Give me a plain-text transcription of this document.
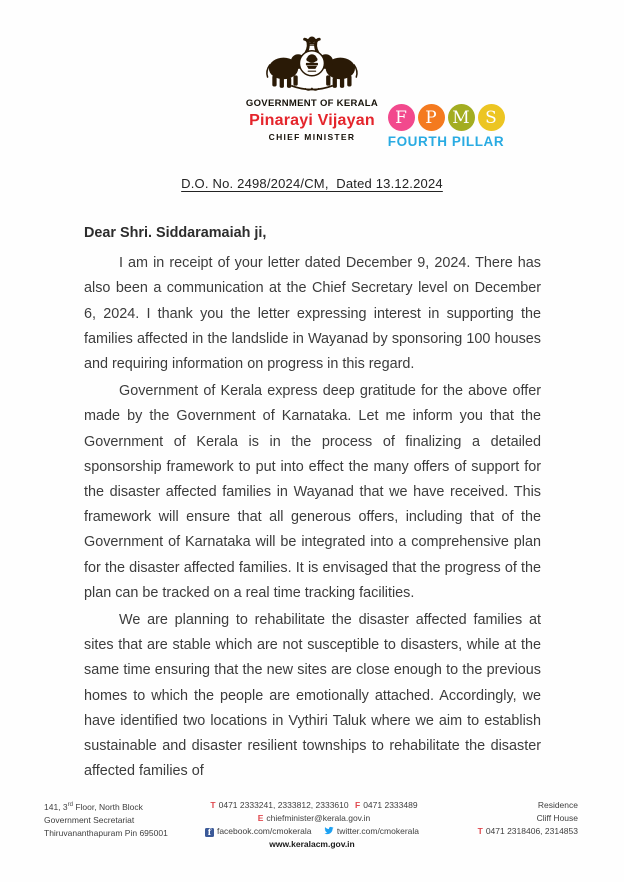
GOVERNMENT OF KERALA
Pinarayi Vijayan
CHIEF MINISTER
F	P M S
FOURTH PILLAR
D.O. No. 2498/2024/CM,  Dated 13.12.2024

Dear Shri. Siddaramaiah ji,

I am in receipt of your letter dated December 9, 2024. There has also been a communication at the Chief Secretary level on December 6, 2024. I thank you the letter expressing interest in supporting the families affected in the landslide in Wayanad by sponsoring 100 houses and requiring information on progress in this regard.

Government of Kerala express deep gratitude for the above offer made by the Government of Karnataka. Let me inform you that the Government of Kerala is in the process of finalizing a detailed sponsorship framework to put into effect the many offers of support for the disaster affected families in Wayanad that we have received. This framework will ensure that all generous offers, including that of the Government of Karnataka will be integrated into a comprehensive plan for the disaster affected families. It is envisaged that the progress of the plan can be tracked on a real time tracking facilities.

We are planning to rehabilitate the disaster affected families at sites that are stable which are not susceptible to disasters, while at the same time ensuring that the new sites are close enough to the previous homes to which the people are emotionally attached. Accordingly, we have identified two locations in Vythiri Taluk where we aim to establish sustainable and disaster resilient townships to rehabilitate the disaster affected families of

141, 3rd Floor, North Block
Government Secretariat
Thiruvananthapuram Pin 695001
T 0471 2333241, 2333812, 2333610 F 0471 2333489
E chiefminister@kerala.gov.in
f facebook.com/cmokerala	twitter.com/cmokerala
www.keralacm.gov.in
Residence
Cliff House
T 0471 2318406, 2314853
